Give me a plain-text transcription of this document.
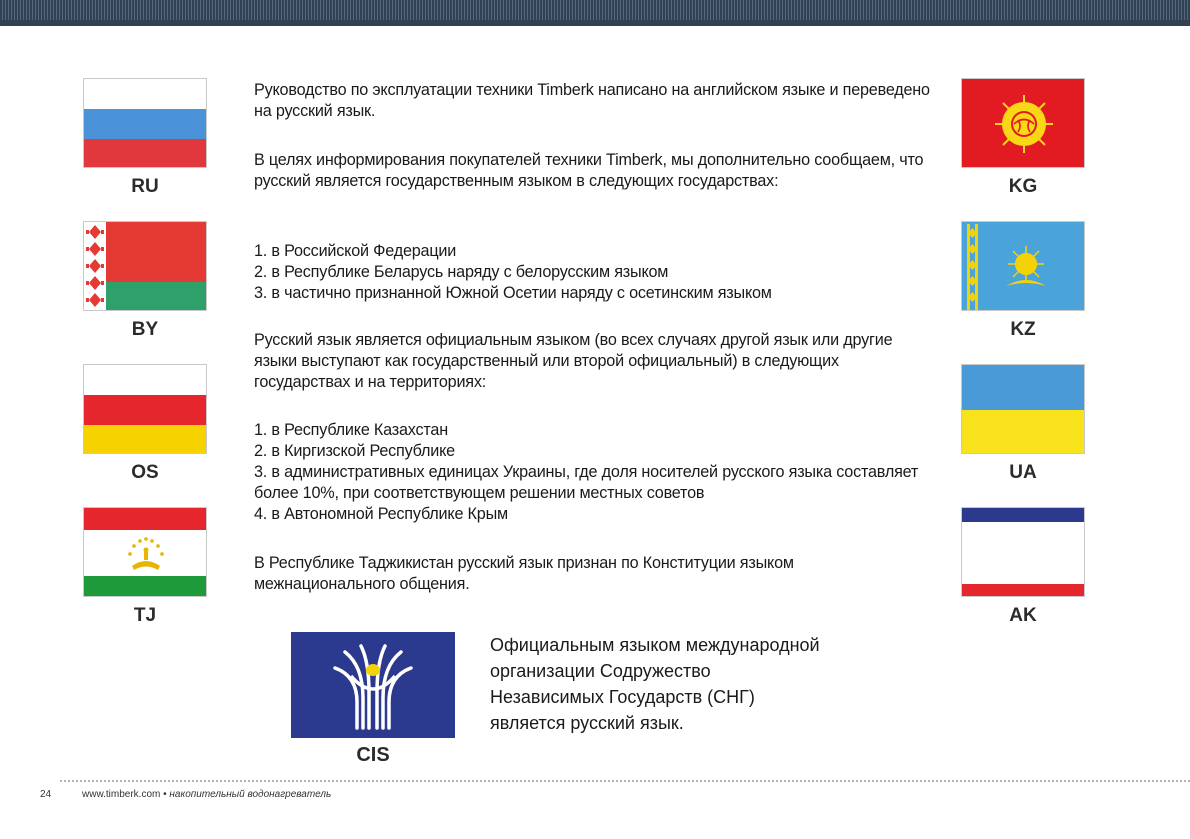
RU
BY
OS
TJ
KG
KZ
UA
AK

Руководство по эксплуатации техники Timberk написано на английском языке и переведено на русский язык.

В целях информирования покупателей техники Timberk, мы дополнительно сообщаем, что русский является государственным языком в следующих государствах:

1. в Российской Федерации

2. в Республике Беларусь наряду с белорусским языком

3. в частично признанной Южной Осетии наряду с осетинским языком

Русский язык является официальным языком (во всех случаях другой язык или другие языки выступают как государственный или второй официальный) в следующих государствах и на территориях:

1. в Республике Казахстан

2. в Киргизской Республике

3. в административных единицах Украины, где доля носителей русского языка составляет более 10%, при соответствующем решении местных советов

4. в Автономной Республике Крым

В Республике Таджикистан русский язык признан по Конституции языком межнационального общения.

CIS

Официальным языком международной

организации Содружество

Независимых Государств (СНГ)

является русский язык.

24	www.timberk.com • накопительный водонагреватель
